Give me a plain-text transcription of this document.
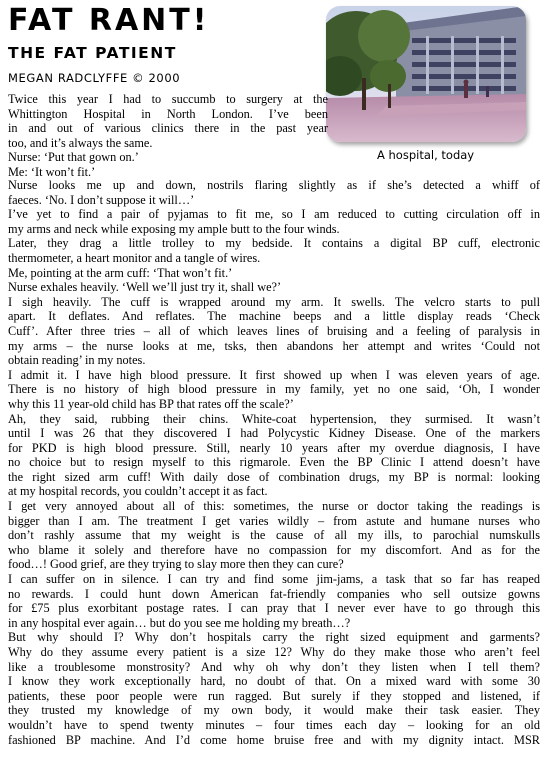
FAT RANT!
THE FAT PATIENT
MEGAN RADCLYFFE © 2000
A hospital, today
Twice this year I had to succumb to surgery at the
Whittington Hospital in North London. I’ve been
in and out of various clinics there in the past year
too, and it’s always the same.
Nurse: ‘Put that gown on.’
Me: ‘It won’t fit.’
Nurse looks me up and down, nostrils flaring slightly as if she’s detected a whiff of
faeces. ‘No. I don’t suppose it will…’
I’ve yet to find a pair of pyjamas to fit me, so I am reduced to cutting circulation off in
my arms and neck while exposing my ample butt to the four winds.
Later, they drag a little trolley to my bedside. It contains a digital BP cuff, electronic
thermometer, a heart monitor and a tangle of wires.
Me, pointing at the arm cuff: ‘That won’t fit.’
Nurse exhales heavily. ‘Well we’ll just try it, shall we?’
I sigh heavily. The cuff is wrapped around my arm. It swells. The velcro starts to pull
apart. It deflates. And reflates. The machine beeps and a little display reads ‘Check
Cuff’. After three tries – all of which leaves lines of bruising and a feeling of paralysis in
my arms – the nurse looks at me, tsks, then abandons her attempt and writes ‘Could not
obtain reading’ in my notes.
I admit it. I have high blood pressure. It first showed up when I was eleven years of age.
There is no history of high blood pressure in my family, yet no one said, ‘Oh, I wonder
why this 11 year-old child has BP that rates off the scale?’
Ah, they said, rubbing their chins. White-coat hypertension, they surmised. It wasn’t
until I was 26 that they discovered I had Polycystic Kidney Disease. One of the markers
for PKD is high blood pressure. Still, nearly 10 years after my overdue diagnosis, I have
no choice but to resign myself to this rigmarole. Even the BP Clinic I attend doesn’t have
the right sized arm cuff! With daily dose of combination drugs, my BP is normal: looking
at my hospital records, you couldn’t accept it as fact.
I get very annoyed about all of this: sometimes, the nurse or doctor taking the readings is
bigger than I am. The treatment I get varies wildly – from astute and humane nurses who
don’t rashly assume that my weight is the cause of all my ills, to parochial numskulls
who blame it solely and therefore have no compassion for my discomfort. And as for the
food…! Good grief, are they trying to slay more then they can cure?
I can suffer on in silence. I can try and find some jim-jams, a task that so far has reaped
no rewards. I could hunt down American fat-friendly companies who sell outsize gowns
for £75 plus exorbitant postage rates. I can pray that I never ever have to go through this
in any hospital ever again… but do you see me holding my breath…?
But why should I? Why don’t hospitals carry the right sized equipment and garments?
Why do they assume every patient is a size 12? Why do they make those who aren’t feel
like a troublesome monstrosity? And why oh why don’t they listen when I tell them?
I know they work exceptionally hard, no doubt of that. On a mixed ward with some 30
patients, these poor people were run ragged. But surely if they stopped and listened, if
they trusted my knowledge of my own body, it would make their task easier. They
wouldn’t have to spend twenty minutes – four times each day – looking for an old
fashioned BP machine. And I’d come home bruise free and with my dignity intact. MSR
